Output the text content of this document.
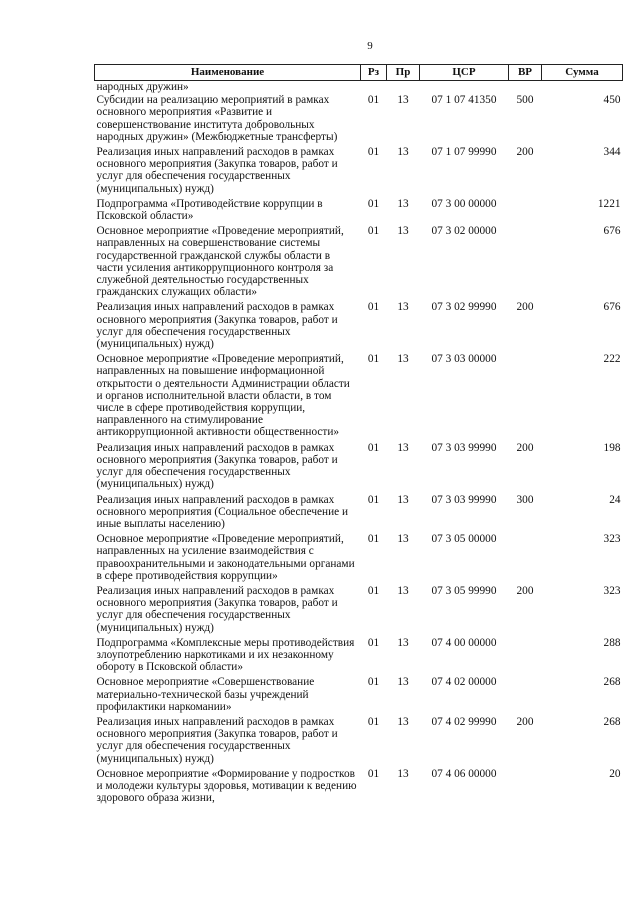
9
Наименование	Рз	Пр	ЦСР	ВР	Сумма
народных дружин»					
Субсидии на реализацию мероприятий в рамках основного мероприятия «Развитие и совершенствование института добровольных народных дружин» (Межбюджетные трансферты)	01	13	07 1 07 41350	500	450
Реализация иных направлений расходов в рамках основного мероприятия (Закупка товаров, работ и услуг для обеспечения государственных (муниципальных) нужд)	01	13	07 1 07 99990	200	344
Подпрограмма «Противодействие коррупции в Псковской области»	01	13	07 3 00 00000		1221
Основное мероприятие «Проведение мероприятий, направленных на совершенствование системы государственной гражданской службы области в части усиления антикоррупционного контроля за служебной деятельностью государственных гражданских служащих области»	01	13	07 3 02 00000		676
Реализация иных направлений расходов в рамках основного мероприятия (Закупка товаров, работ и услуг для обеспечения государственных (муниципальных) нужд)	01	13	07 3 02 99990	200	676
Основное мероприятие «Проведение мероприятий, направленных на повышение информационной открытости о деятельности Администрации области и органов исполнительной власти области, в том числе в сфере противодействия коррупции, направленного на стимулирование антикоррупционной активности общественности»	01	13	07 3 03 00000		222
Реализация иных направлений расходов в рамках основного мероприятия (Закупка товаров, работ и услуг для обеспечения государственных (муниципальных) нужд)	01	13	07 3 03 99990	200	198
Реализация иных направлений расходов в рамках основного мероприятия (Социальное обеспечение и иные выплаты населению)	01	13	07 3 03 99990	300	24
Основное мероприятие «Проведение мероприятий, направленных на усиление взаимодействия с правоохранительными и законодательными органами в сфере противодействия коррупции»	01	13	07 3 05 00000		323
Реализация иных направлений расходов в рамках основного мероприятия (Закупка товаров, работ и услуг для обеспечения государственных (муниципальных) нужд)	01	13	07 3 05 99990	200	323
Подпрограмма «Комплексные меры противодействия злоупотреблению наркотиками и их незаконному обороту в Псковской области»	01	13	07 4 00 00000		288
Основное мероприятие «Совершенствование материально-технической базы учреждений профилактики наркомании»	01	13	07 4 02 00000		268
Реализация иных направлений расходов в рамках основного мероприятия (Закупка товаров, работ и услуг для обеспечения государственных (муниципальных) нужд)	01	13	07 4 02 99990	200	268
Основное мероприятие «Формирование у подростков и молодежи культуры здоровья, мотивации к ведению здорового образа жизни,	01	13	07 4 06 00000		20
